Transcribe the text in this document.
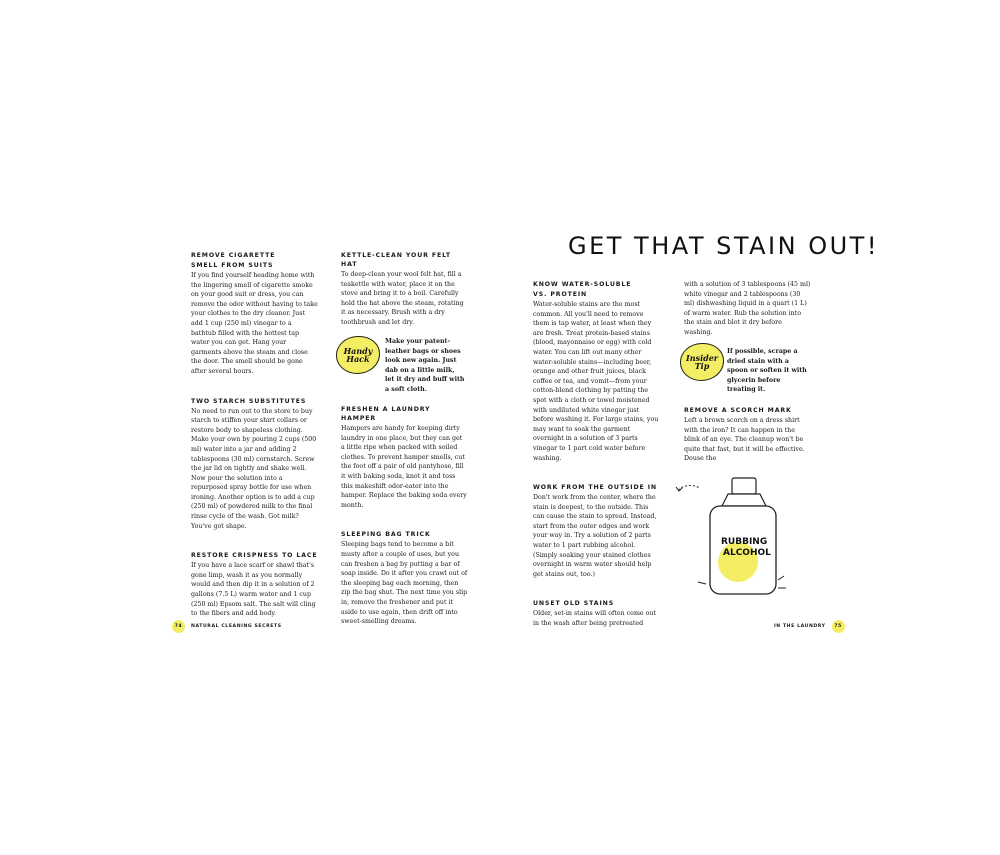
REMOVE CIGARETTE
SMELL FROM SUITS

If you find yourself heading home with the lingering smell of cigarette smoke on your good suit or dress, you can remove the odor without having to take your clothes to the dry cleaner. Just add 1 cup (250 ml) vinegar to a bathtub filled with the hottest tap water you can get. Hang your garments above the steam and close the door. The smell should be gone after several hours.

TWO STARCH SUBSTITUTES

No need to run out to the store to buy starch to stiffen your shirt collars or restore body to shapeless clothing. Make your own by pouring 2 cups (500 ml) water into a jar and adding 2 tablespoons (30 ml) cornstarch. Screw the jar lid on tightly and shake well. Now pour the solution into a repurposed spray bottle for use when ironing. Another option is to add a cup (250 ml) of powdered milk to the final rinse cycle of the wash. Got milk? You've got shape.

RESTORE CRISPNESS TO LACE

If you have a lace scarf or shawl that's gone limp, wash it as you normally would and then dip it in a solution of 2 gallons (7.5 L) warm water and 1 cup (250 ml) Epsom salt. The salt will cling to the fibers and add body.

KETTLE-CLEAN YOUR FELT HAT

To deep-clean your wool felt hat, fill a teakettle with water, place it on the stove and bring it to a boil. Carefully hold the hat above the steam, rotating it as necessary. Brush with a dry toothbrush and let dry.

Handy Hack
Make your patent-leather bags or shoes look new again. Just dab on a little milk, let it dry and buff with a soft cloth.
FRESHEN A LAUNDRY HAMPER

Hampers are handy for keeping dirty laundry in one place, but they can get a little ripe when packed with soiled clothes. To prevent hamper smells, cut the foot off a pair of old pantyhose, fill it with baking soda, knot it and toss this makeshift odor-eater into the hamper. Replace the baking soda every month.

SLEEPING BAG TRICK

Sleeping bags tend to become a bit musty after a couple of uses, but you can freshen a bag by putting a bar of soap inside. Do it after you crawl out of the sleeping bag each morning, then zip the bag shut. The next time you slip in, remove the freshener and put it aside to use again, then drift off into sweet-smelling dreams.

GET THAT STAIN OUT!
KNOW WATER-SOLUBLE
VS. PROTEIN

Water-soluble stains are the most common. All you'll need to remove them is tap water, at least when they are fresh. Treat protein-based stains (blood, mayonnaise or egg) with cold water. You can lift out many other water-soluble stains—including beer, orange and other fruit juices, black coffee or tea, and vomit—from your cotton-blend clothing by patting the spot with a cloth or towel moistened with undiluted white vinegar just before washing it. For large stains, you may want to soak the garment overnight in a solution of 3 parts vinegar to 1 part cold water before washing.

WORK FROM THE OUTSIDE IN

Don't work from the center, where the stain is deepest, to the outside. This can cause the stain to spread. Instead, start from the outer edges and work your way in. Try a solution of 2 parts water to 1 part rubbing alcohol. (Simply soaking your stained clothes overnight in warm water should help get stains out, too.)

UNSET OLD STAINS

Older, set-in stains will often come out in the wash after being pretreated

with a solution of 3 tablespoons (45 ml) white vinegar and 2 tablespoons (30 ml) dishwashing liquid in a quart (1 L) of warm water. Rub the solution into the stain and blot it dry before washing.

Insider Tip
If possible, scrape a dried stain with a spoon or soften it with glycerin before treating it.
REMOVE A SCORCH MARK

Left a brown scorch on a dress shirt with the iron? It can happen in the blink of an eye. The cleanup won't be quite that fast, but it will be effective. Douse the

RUBBING
ALCOHOL
74	NATURAL CLEANING SECRETS	IN THE LAUNDRY	75
